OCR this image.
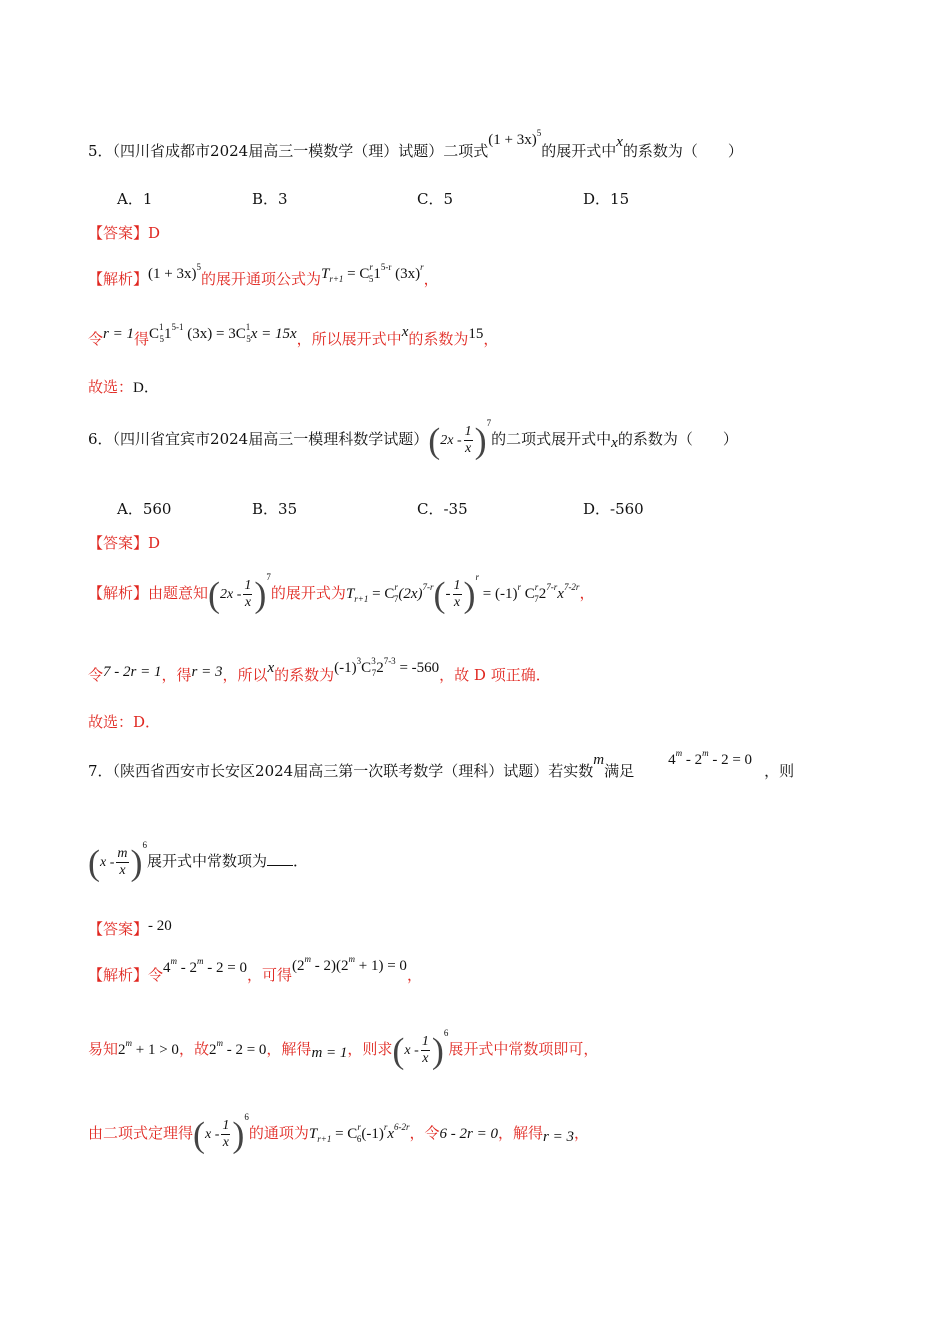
5．（四川省成都市2024届高三一模数学（理）试题）二项式$(1 + 3x)^5$的展开式中x的系数为（　　）
A．1	B．3	C．5	D．15
【答案】D
【解析】$(1 + 3x)^5$的展开通项公式为$T_{r+1} = C^r_51^{5-r}$ $(3x)^r$，
令r = 1得$C^1_51^{5-1}$ $(3x) = 3C^1_5x = 15x$，所以展开式中x的系数为15，
故选：D．
6．（四川省宜宾市2024届高三一模理科数学试题）$(2x - \frac{1}{x} )^7$的二项式展开式中x的系数为（　　）
A．560	B．35	C．-35	D．-560
【答案】D
【解析】由题意知$(2x - \frac{1}{x} )^7$的展开式为$T_{r+1} = C^r_7(2x)^{7-r}(- \frac{1}{x} )^r = (-1)^r$ $C^r_72^{7-r}x^{7-2r}$，
令7 - 2r = 1，得r = 3，所以x的系数为$(-1)^3C^3_72^{7-3} = -560$，故 D 项正确．
故选：D．
7．（陕西省西安市长安区2024届高三第一次联考数学（理科）试题）若实数m满足4$^m$ - 2$^m$ - 2 = 0，则
$(x - \frac{m}{x} )^6$展开式中常数项为 ．
【答案】- 20
【解析】令4$^m$ - 2$^m$ - 2 = 0，可得$(2^m - 2)(2^m + 1) = 0$，
易知$2^m + 1 > 0$，故2$^m$ - 2 = 0，解得m = 1，则求$(x - \frac{1}{x} )^6$展开式中常数项即可，
由二项式定理得$(x - \frac{1}{x} )^6$的通项为$T_{r+1} = C^r_6(-1)^rx^{6-2r}$，令6 - 2r = 0，解得r = 3，
